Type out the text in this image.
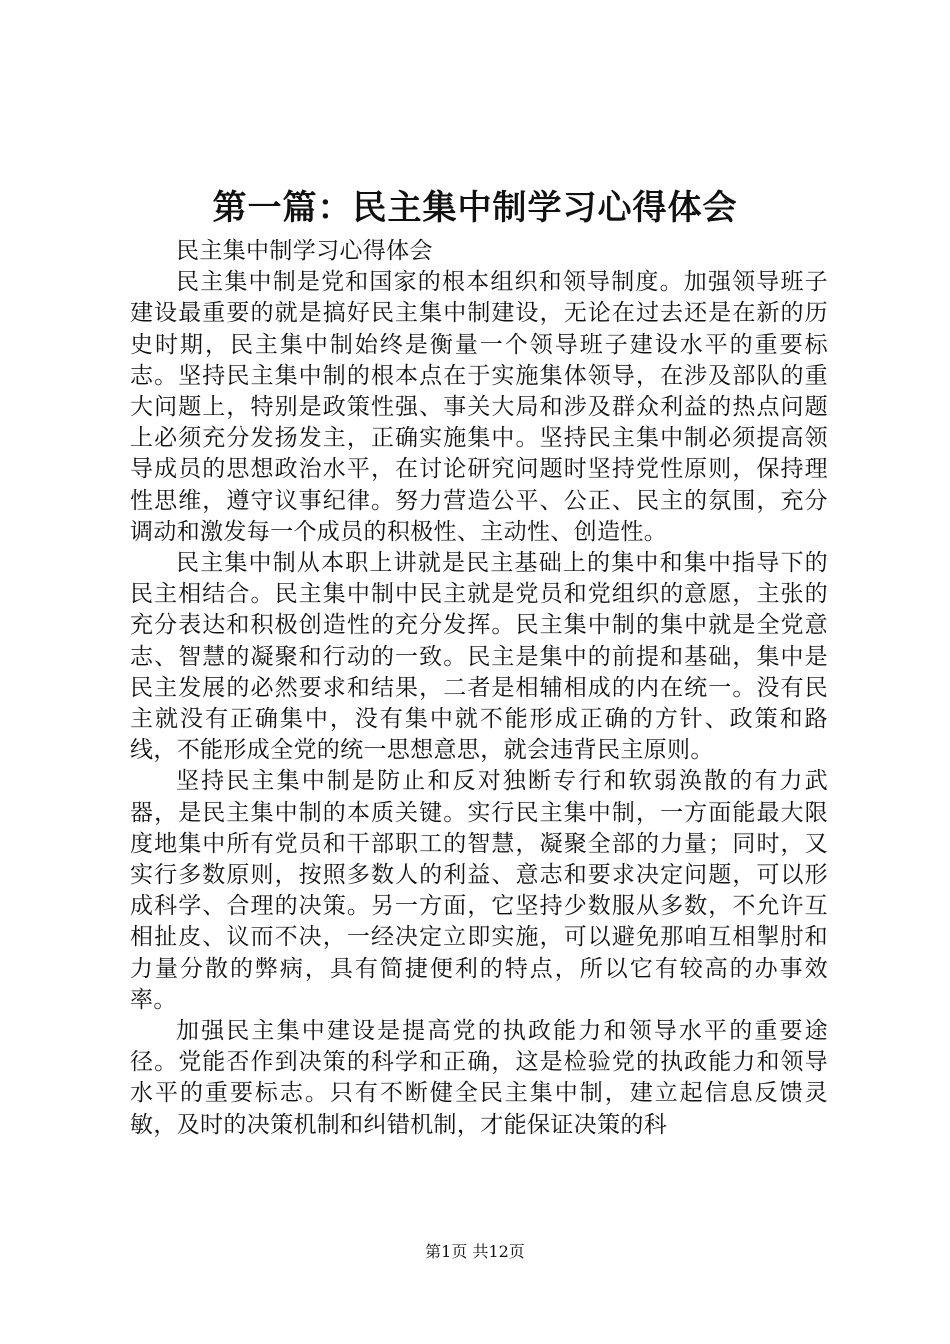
第一篇：民主集中制学习心得体会

民主集中制学习心得体会

民主集中制是党和国家的根本组织和领导制度。加强领导班子建设最重要的就是搞好民主集中制建设，无论在过去还是在新的历史时期，民主集中制始终是衡量一个领导班子建设水平的重要标志。坚持民主集中制的根本点在于实施集体领导，在涉及部队的重大问题上，特别是政策性强、事关大局和涉及群众利益的热点问题上必须充分发扬发主，正确实施集中。坚持民主集中制必须提高领导成员的思想政治水平，在讨论研究问题时坚持党性原则，保持理性思维，遵守议事纪律。努力营造公平、公正、民主的氛围，充分调动和激发每一个成员的积极性、主动性、创造性。

民主集中制从本职上讲就是民主基础上的集中和集中指导下的民主相结合。民主集中制中民主就是党员和党组织的意愿，主张的充分表达和积极创造性的充分发挥。民主集中制的集中就是全党意志、智慧的凝聚和行动的一致。民主是集中的前提和基础，集中是民主发展的必然要求和结果，二者是相辅相成的内在统一。没有民主就没有正确集中，没有集中就不能形成正确的方针、政策和路线，不能形成全党的统一思想意思，就会违背民主原则。

坚持民主集中制是防止和反对独断专行和软弱涣散的有力武器，是民主集中制的本质关键。实行民主集中制，一方面能最大限度地集中所有党员和干部职工的智慧，凝聚全部的力量；同时，又实行多数原则，按照多数人的利益、意志和要求决定问题，可以形成科学、合理的决策。另一方面，它坚持少数服从多数，不允许互相扯皮、议而不决，一经决定立即实施，可以避免那咱互相掣肘和力量分散的弊病，具有简捷便利的特点，所以它有较高的办事效率。

加强民主集中建设是提高党的执政能力和领导水平的重要途径。党能否作到决策的科学和正确，这是检验党的执政能力和领导水平的重要标志。只有不断健全民主集中制，建立起信息反馈灵敏，及时的决策机制和纠错机制，才能保证决策的科

第1页 共12页
